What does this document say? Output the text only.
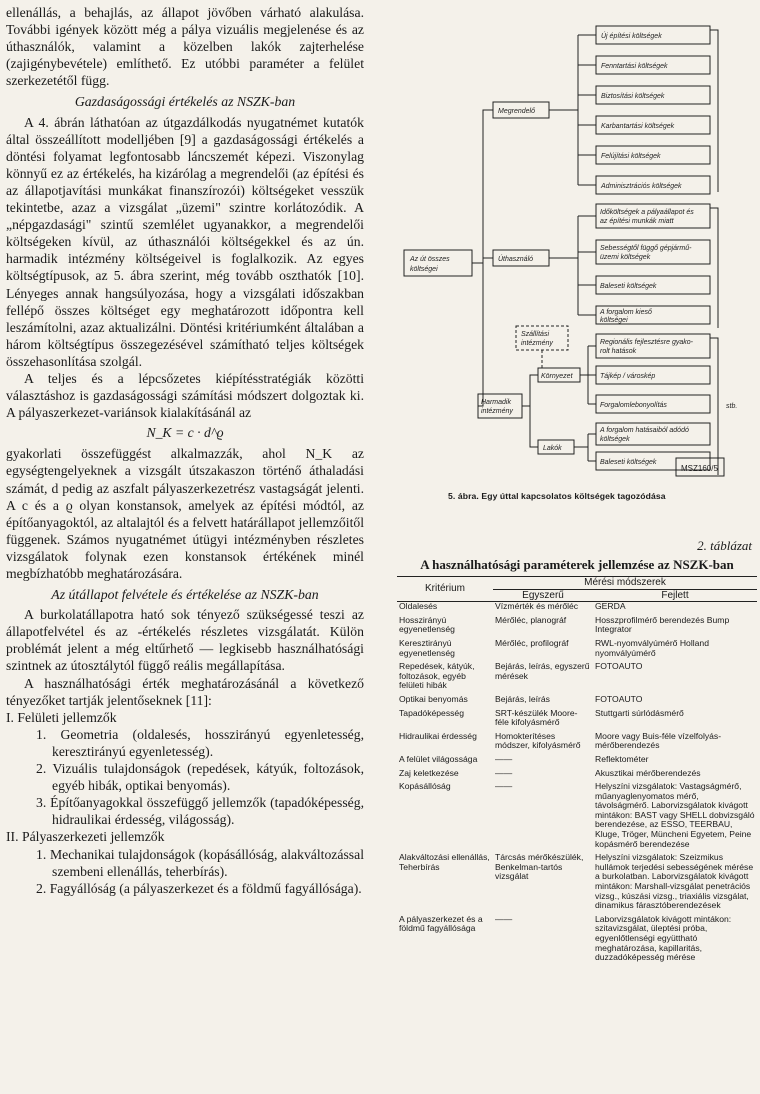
ellenállás, a behajlás, az állapot jövőben várható alakulása. További igények között még a pálya vizuális megjelenése és az úthasználók, valamint a közelben lakók zajterhelése (zajigénybevétele) említhető. Ez utóbbi paraméter a felület szerkezetétől függ.

Gazdaságossági értékelés az NSZK-ban

A 4. ábrán láthatóan az útgazdálkodás nyugatnémet kutatók által összeállított modelljében [9] a gazdaságossági értékelés a döntési folyamat legfontosabb láncszemét képezi. Viszonylag könnyű ez az értékelés, ha kizárólag a megrendelői (az építési és az állapotjavítási munkákat finanszírozói) költségeket vesszük tekintetbe, azaz a vizsgálat „üzemi" szintre korlátozódik. A „népgazdasági" szintű szemlélet ugyanakkor, a megrendelői költségeken kívül, az úthasználói költségekkel és az ún. harmadik intézmény költségeivel is foglalkozik. Az egyes költségtípusok, az 5. ábra szerint, még tovább oszthatók [10]. Lényeges annak hangsúlyozása, hogy a vizsgálati időszakban fellépő összes költséget egy meghatározott időpontra kell leszámítolni, azaz aktualizálni. Döntési kritériumként általában a három költségtípus összegezésével számítható teljes költségek összehasonlítása szolgál.

A teljes és a lépcsőzetes kiépítésstratégiák közötti választáshoz is gazdaságossági számítási módszert dolgoztak ki. A pályaszerkezet-variánsok kialakításánál az

N_K = c · d^ϱ

gyakorlati összefüggést alkalmazzák, ahol N_K az egységtengelyeknek a vizsgált útszakaszon történő áthaladási számát, d pedig az aszfalt pályaszerkezetrész vastagságát jelenti. A c és a ϱ olyan konstansok, amelyek az építési módtól, az építőanyagoktól, az altalajtól és a felvett határállapot jellemzőitől függenek. Számos nyugatnémet útügyi intézményben részletes vizsgálatok folynak ezen konstansok értékének minél megbízhatóbb meghatározására.

Az útállapot felvétele és értékelése az NSZK-ban

A burkolatállapotra ható sok tényező szükségessé teszi az állapotfelvétel és az -értékelés részletes vizsgálatát. Külön problémát jelent a még eltűrhető — legkisebb használhatósági szintnek az útosztálytól függő reális megállapítása.

A használhatósági érték meghatározásánál a következő tényezőket tartják jelentőseknek [11]:

I. Felületi jellemzők
1. Geometria (oldalesés, hosszirányú egyenletesség, keresztirányú egyenletesség).
2. Vizuális tulajdonságok (repedések, kátyúk, foltozások, egyéb hibák, optikai benyomás).
3. Építőanyagokkal összefüggő jellemzők (tapadóképesség, hidraulikai érdesség, világosság).
II. Pályaszerkezeti jellemzők
1. Mechanikai tulajdonságok (kopásállóság, alakváltozással szembeni ellenállás, teherbírás).
2. Fagyállóság (a pályaszerkezet és a földmű fagyállósága).
Az út összes
költségei
Megrendelő
Úthasználó
Harmadik
intézmény
Új építési költségek
Fenntartási költségek
Biztosítási költségek
Karbantartási költségek
Felújítási költségek
Adminisztrációs költségek
Időköltségek a pályaállapot és
az építési munkák miatt
Sebességtől függő gépjármű-
üzemi költségek
Baleseti költségek
A forgalom kieső
költségei
Szállítási
intézmény
Környezet
Regionális fejlesztésre gyako-
rolt hatások
Tájkép / városkép
Forgalomlebonyolítás	stb.
Lakók
A forgalom hatásaiból adódó
költségek
Baleseti költségek
MSZ160/5
5. ábra. Egy úttal kapcsolatos költségek tagozódása
2. táblázat
A használhatósági paraméterek jellemzése az NSZK-ban
Kritérium	Mérési módszerek	
	Egyszerű	Fejlett
Oldalesés	Vízmérték és mérőléc	GERDA
Hosszirányú egyenetlenség	Mérőléc, planográf	Hosszprofilmérő berendezés Bump Integrator
Keresztirányú egyenetlenség	Mérőléc, profilográf	RWL-nyomvályúmérő Holland nyomvályúmérő
Repedések, kátyúk, foltozások, egyéb felületi hibák	Bejárás, leírás, egyszerű mérések	FOTOAUTO
Optikai benyomás	Bejárás, leírás	FOTOAUTO
Tapadóképesség	SRT-készülék Moore-féle kifolyásmérő	Stuttgarti súrlódásmérő
Hidraulikai érdesség	Homokterítéses módszer, kifolyásmérő	Moore vagy Buis-féle vízelfolyás-mérőberendezés
A felület világossága	——	Reflektométer
Zaj keletkezése	——	Akusztikai mérőberendezés
Kopásállóság	——	Helyszíni vizsgálatok: Vastagságmérő, műanyaglenyomatos mérő, távolságmérő. Laborvizsgálatok kivágott mintákon: BAST vagy SHELL dobvizsgáló berendezése, az ESSO, TEERBAU, Kluge, Tröger, Müncheni Egyetem, Peine kopásmérő berendezése
Alakváltozási ellenállás, Teherbírás	Tárcsás mérőkészülék, Benkelman-tartós vizsgálat	Helyszíni vizsgálatok: Szeizmikus hullámok terjedési sebességének mérése a burkolatban. Laborvizsgálatok kivágott mintákon: Marshall-vizsgálat penetrációs vizsg., kúszási vizsg., triaxiális vizsgálat, dinamikus fárasztóberendezések
A pályaszerkezet és a földmű fagyállósága	——	Laborvizsgálatok kivágott mintákon: szitavizsgálat, üleptési próba, egyenlőtlenségi együttható meghatározása, kapillaritás, duzzadóképesség mérése
